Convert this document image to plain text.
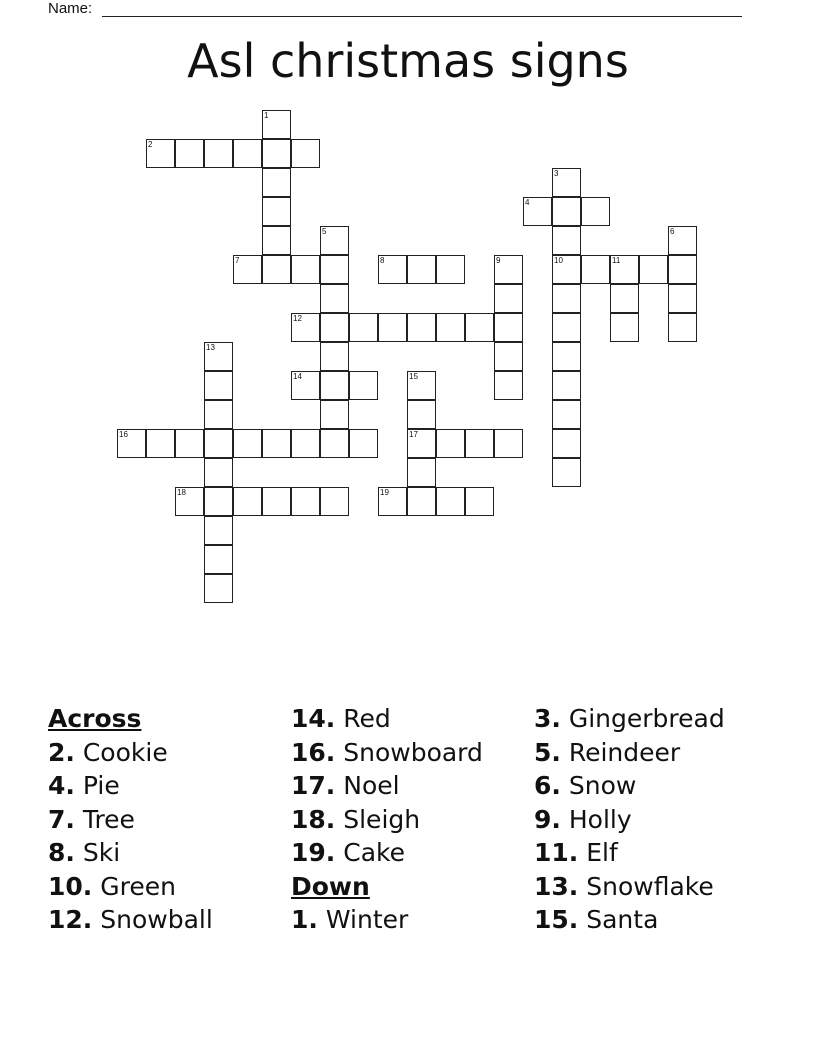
Name:
Asl christmas signs
2
1
4
3
10
7
5
8	9	11
6
12
13
14	15
17
16
18	19
Across
2. Cookie
4. Pie
7. Tree
8. Ski
10. Green
12. Snowball
14. Red
16. Snowboard
17. Noel
18. Sleigh
19. Cake
Down
1. Winter
3. Gingerbread
5. Reindeer
6. Snow
9. Holly
11. Elf
13. Snowflake
15. Santa
